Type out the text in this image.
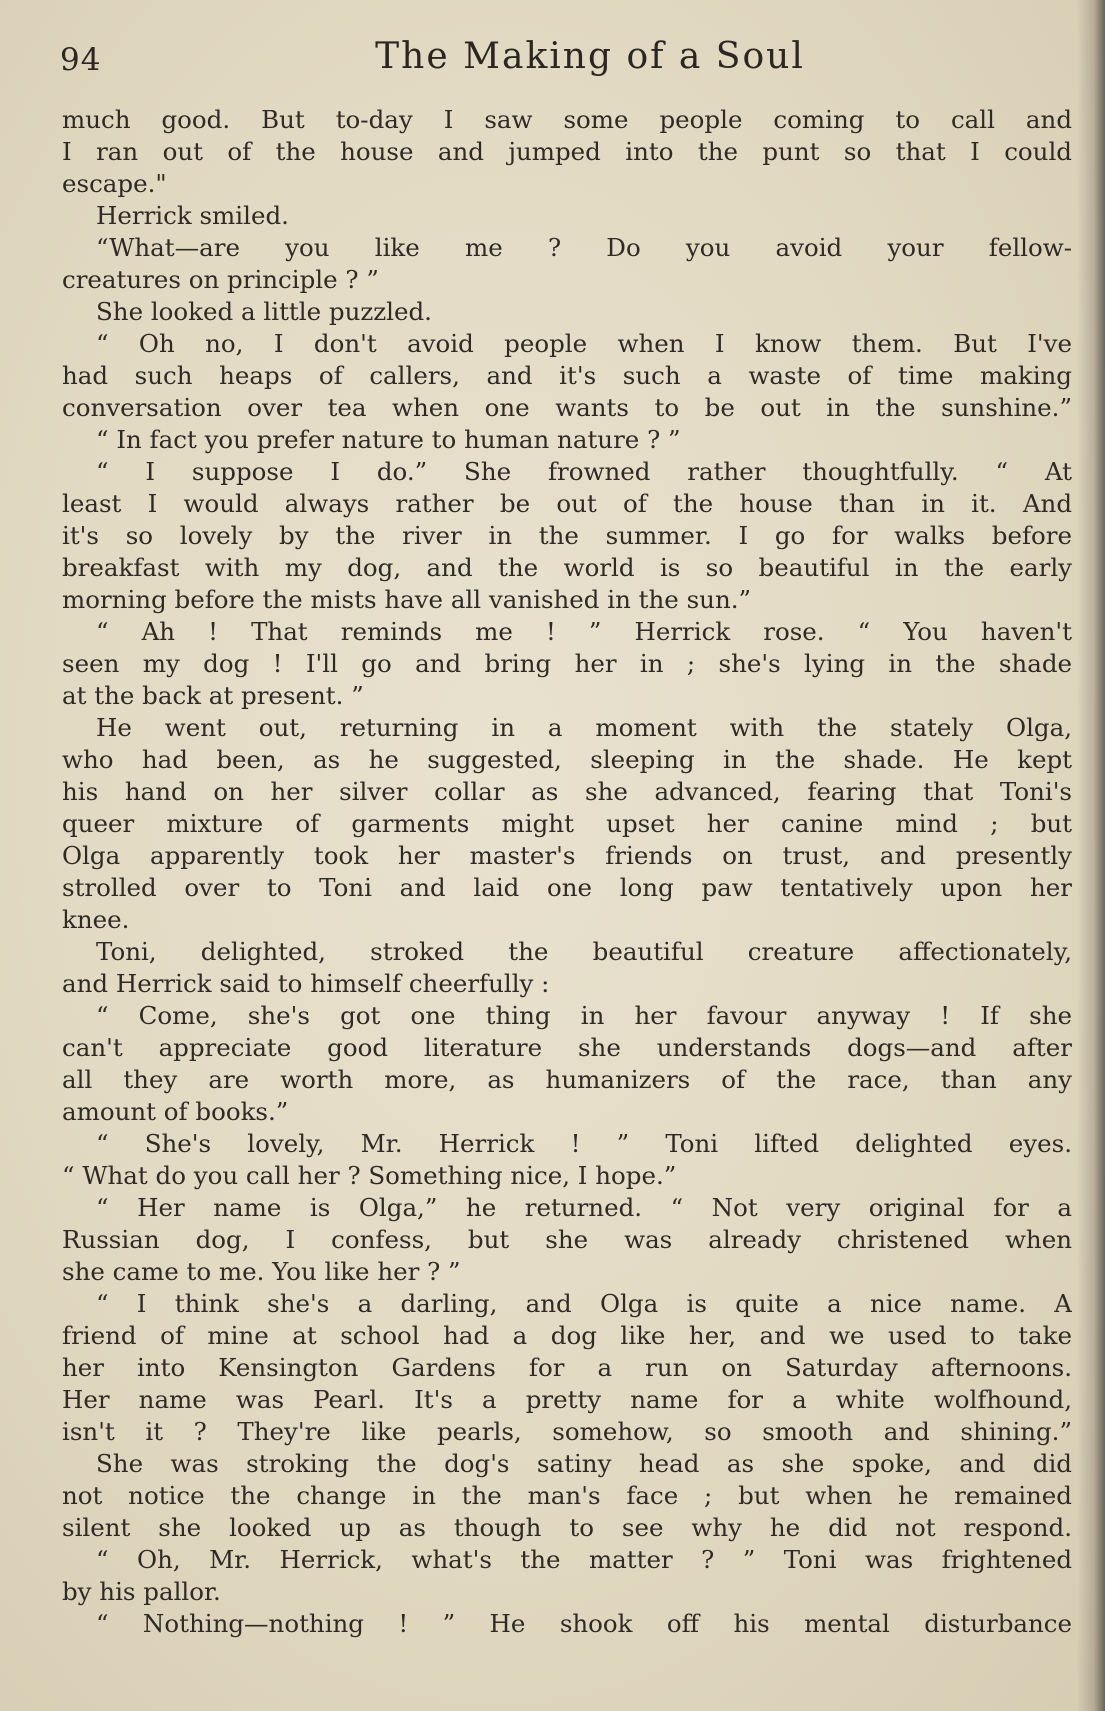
94	The Making of a Soul
much good. But to-day I saw some people coming to call and
I ran out of the house and jumped into the punt so that I could
escape."
Herrick smiled.
“What—are you like me ? Do you avoid your fellow-
creatures on principle ? ”
She looked a little puzzled.
“ Oh no, I don't avoid people when I know them. But I've
had such heaps of callers, and it's such a waste of time making
conversation over tea when one wants to be out in the sunshine.”
“ In fact you prefer nature to human nature ? ”
“ I suppose I do.” She frowned rather thoughtfully. “ At
least I would always rather be out of the house than in it. And
it's so lovely by the river in the summer. I go for walks before
breakfast with my dog, and the world is so beautiful in the early
morning before the mists have all vanished in the sun.”
“ Ah ! That reminds me ! ” Herrick rose. “ You haven't
seen my dog ! I'll go and bring her in ; she's lying in the shade
at the back at present. ”
He went out, returning in a moment with the stately Olga,
who had been, as he suggested, sleeping in the shade. He kept
his hand on her silver collar as she advanced, fearing that Toni's
queer mixture of garments might upset her canine mind ; but
Olga apparently took her master's friends on trust, and presently
strolled over to Toni and laid one long paw tentatively upon her
knee.
Toni, delighted, stroked the beautiful creature affectionately,
and Herrick said to himself cheerfully :
“ Come, she's got one thing in her favour anyway ! If she
can't appreciate good literature she understands dogs—and after
all they are worth more, as humanizers of the race, than any
amount of books.”
“ She's lovely, Mr. Herrick ! ” Toni lifted delighted eyes.
“ What do you call her ? Something nice, I hope.”
“ Her name is Olga,” he returned. “ Not very original for a
Russian dog, I confess, but she was already christened when
she came to me. You like her ? ”
“ I think she's a darling, and Olga is quite a nice name. A
friend of mine at school had a dog like her, and we used to take
her into Kensington Gardens for a run on Saturday afternoons.
Her name was Pearl. It's a pretty name for a white wolfhound,
isn't it ? They're like pearls, somehow, so smooth and shining.”
She was stroking the dog's satiny head as she spoke, and did
not notice the change in the man's face ; but when he remained
silent she looked up as though to see why he did not respond.
“ Oh, Mr. Herrick, what's the matter ? ” Toni was frightened
by his pallor.
“ Nothing—nothing ! ” He shook off his mental disturbance
